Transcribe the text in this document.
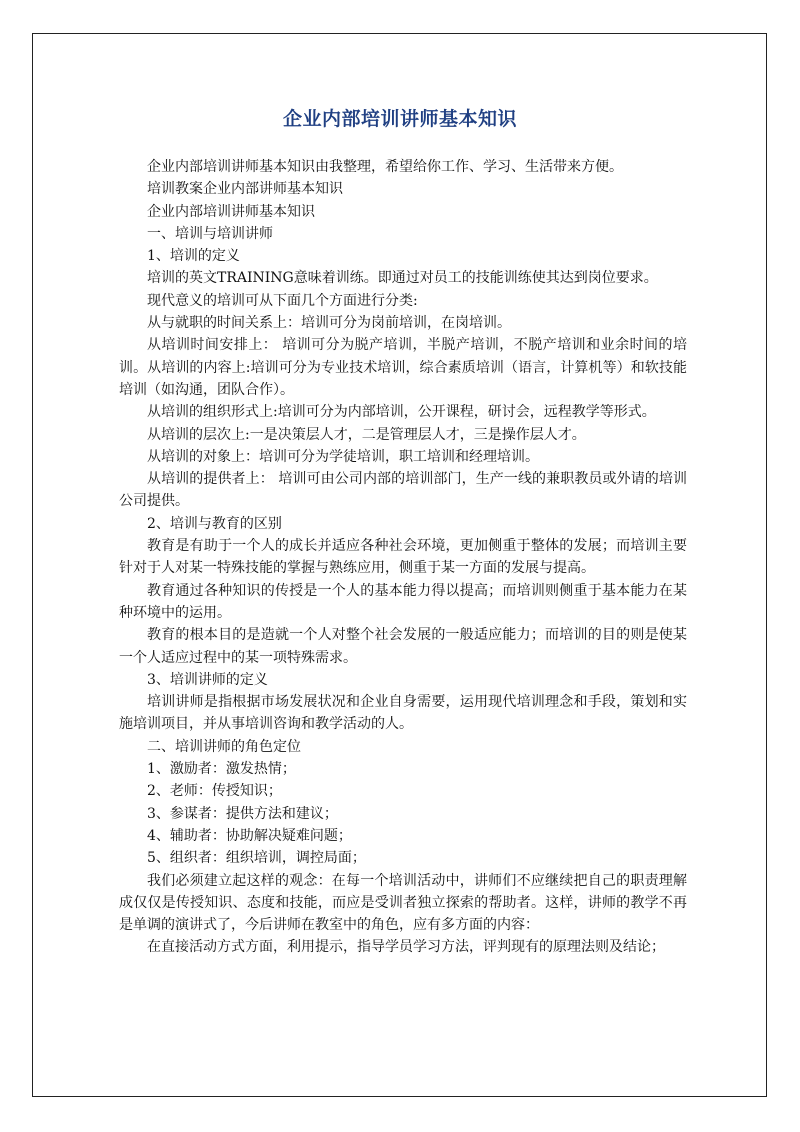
企业内部培训讲师基本知识

企业内部培训讲师基本知识由我整理，希望给你工作、学习、生活带来方便。

培训教案企业内部讲师基本知识

企业内部培训讲师基本知识

一、培训与培训讲师

1、培训的定义

培训的英文TRAINING意味着训练。即通过对员工的技能训练使其达到岗位要求。

现代意义的培训可从下面几个方面进行分类:

从与就职的时间关系上：培训可分为岗前培训，在岗培训。

从培训时间安排上： 培训可分为脱产培训，半脱产培训，不脱产培训和业余时间的培训。从培训的内容上:培训可分为专业技术培训，综合素质培训（语言，计算机等）和软技能培训（如沟通，团队合作）。

从培训的组织形式上:培训可分为内部培训，公开课程，研讨会，远程教学等形式。

从培训的层次上:一是决策层人才，二是管理层人才，三是操作层人才。

从培训的对象上：培训可分为学徒培训，职工培训和经理培训。

从培训的提供者上： 培训可由公司内部的培训部门，生产一线的兼职教员或外请的培训公司提供。

2、培训与教育的区别

教育是有助于一个人的成长并适应各种社会环境，更加侧重于整体的发展；而培训主要针对于人对某一特殊技能的掌握与熟练应用，侧重于某一方面的发展与提高。

教育通过各种知识的传授是一个人的基本能力得以提高；而培训则侧重于基本能力在某种环境中的运用。

教育的根本目的是造就一个人对整个社会发展的一般适应能力；而培训的目的则是使某一个人适应过程中的某一项特殊需求。

3、培训讲师的定义

培训讲师是指根据市场发展状况和企业自身需要，运用现代培训理念和手段，策划和实施培训项目，并从事培训咨询和教学活动的人。

二、培训讲师的角色定位

1、激励者：激发热情；

2、老师：传授知识；

3、参谋者：提供方法和建议；

4、辅助者：协助解决疑难问题；

5、组织者：组织培训，调控局面；

我们必须建立起这样的观念：在每一个培训活动中，讲师们不应继续把自己的职责理解成仅仅是传授知识、态度和技能，而应是受训者独立探索的帮助者。这样，讲师的教学不再是单调的演讲式了，今后讲师在教室中的角色，应有多方面的内容：

在直接活动方式方面，利用提示，指导学员学习方法，评判现有的原理法则及结论；
